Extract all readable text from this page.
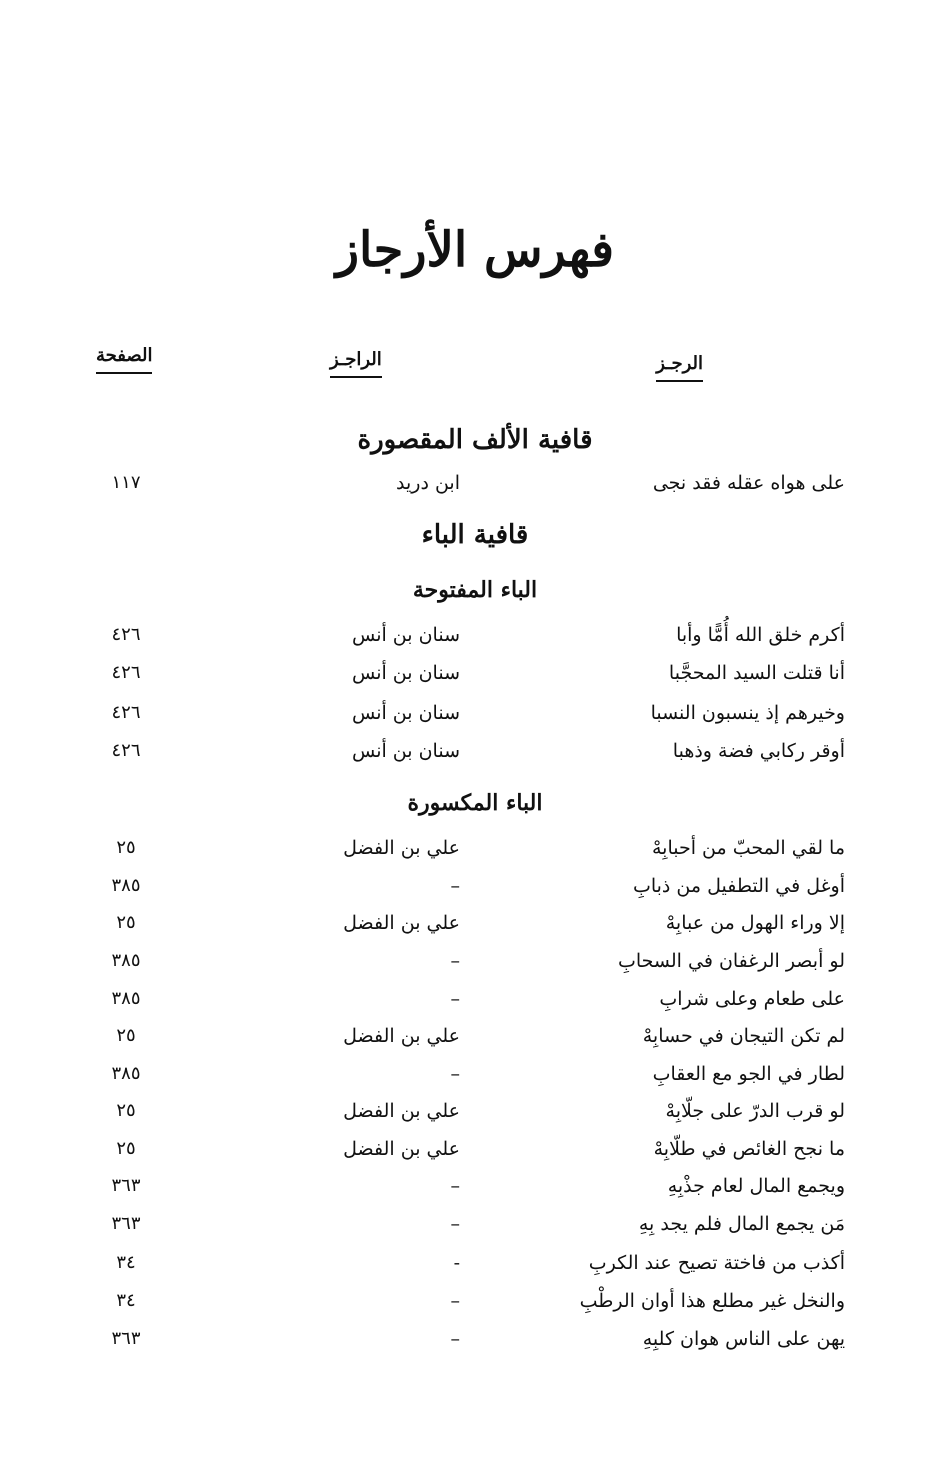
فهرس الأرجاز
الرجـز
الراجـز
الصفحة
قافية الألف المقصورة
قافية الباء
الباء المفتوحة
الباء المكسورة
على هواه عقله فقد نجى
ابن دريد
١١٧
أكرم خلق الله أُمًّا وأبا
سنان بن أنس
٤٢٦
أنا قتلت السيد المحجَّبا
سنان بن أنس
٤٢٦
وخيرهم إذ ينسبون النسبا
سنان بن أنس
٤٢٦
أوقر ركابي فضة وذهبا
سنان بن أنس
٤٢٦
ما لقي المحبّ من أحبابِهْ
علي بن الفضل
٢٥
أوغل في التطفيل من ذبابِ
–
٣٨٥
إلا وراء الهول من عبابِهْ
علي بن الفضل
٢٥
لو أبصر الرغفان في السحابِ
–
٣٨٥
على طعام وعلى شرابِ
–
٣٨٥
لم تكن التيجان في حسابِهْ
علي بن الفضل
٢٥
لطار في الجو مع العقابِ
–
٣٨٥
لو قرب الدرّ على جلّابِهْ
علي بن الفضل
٢٥
ما نجح الغائص في طلّابِهْ
علي بن الفضل
٢٥
ويجمع المال لعام جذْبِهِ
–
٣٦٣
مَن يجمع المال فلم يجد بِهِ
–
٣٦٣
أكذب من فاختة تصيح عند الكربِ
-
٣٤
والنخل غير مطلع هذا أوان الرطْبِ
–
٣٤
يهن على الناس هوان كلبِهِ
–
٣٦٣
